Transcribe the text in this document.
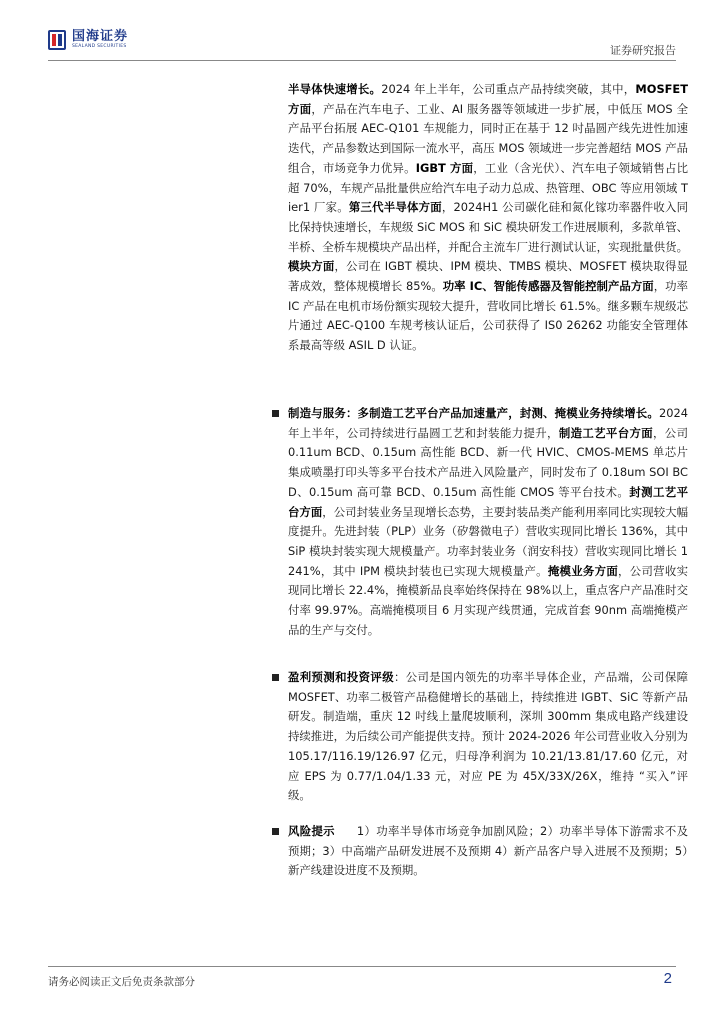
国海证券
SEALAND SECURITIES	证券研究报告

半导体快速增长。2024 年上半年，公司重点产品持续突破，其中，MOSFET 方面，产品在汽车电子、工业、AI 服务器等领域进一步扩展，中低压 MOS 全产品平台拓展 AEC-Q101 车规能力，同时正在基于 12 吋晶圆产线先进性加速迭代，产品参数达到国际一流水平，高压 MOS 领域进一步完善超结 MOS 产品组合，市场竞争力优异。IGBT 方面，工业（含光伏）、汽车电子领域销售占比超 70%，车规产品批量供应给汽车电子动力总成、热管理、OBC 等应用领域 Tier1 厂家。第三代半导体方面，2024H1 公司碳化硅和氮化镓功率器件收入同比保持快速增长，车规级 SiC MOS 和 SiC 模块研发工作进展顺利，多款单管、半桥、全桥车规模块产品出样，并配合主流车厂进行测试认证，实现批量供货。模块方面，公司在 IGBT 模块、IPM 模块、TMBS 模块、MOSFET 模块取得显著成效，整体规模增长 85%。功率 IC、智能传感器及智能控制产品方面，功率 IC 产品在电机市场份额实现较大提升，营收同比增长 61.5%。继多颗车规级芯片通过 AEC-Q100 车规考核认证后，公司获得了 IS0 26262 功能安全管理体系最高等级 ASIL D 认证。

制造与服务：多制造工艺平台产品加速量产，封测、掩模业务持续增长。2024 年上半年，公司持续进行晶圆工艺和封装能力提升，制造工艺平台方面，公司 0.11um BCD、0.15um 高性能 BCD、新一代 HVIC、CMOS-MEMS 单芯片集成喷墨打印头等多平台技术产品进入风险量产，同时发布了 0.18um SOI BCD、0.15um 高可靠 BCD、0.15um 高性能 CMOS 等平台技术。封测工艺平台方面，公司封装业务呈现增长态势，主要封装品类产能利用率同比实现较大幅度提升。先进封装（PLP）业务（矽磐微电子）营收实现同比增长 136%，其中 SiP 模块封装实现大规模量产。功率封装业务（润安科技）营收实现同比增长 1241%，其中 IPM 模块封装也已实现大规模量产。掩模业务方面，公司营收实现同比增长 22.4%，掩模新品良率始终保持在 98%以上，重点客户产品准时交付率 99.97%。高端掩模项目 6 月实现产线贯通，完成首套 90nm 高端掩模产品的生产与交付。

盈利预测和投资评级：公司是国内领先的功率半导体企业，产品端，公司保障 MOSFET、功率二极管产品稳健增长的基础上，持续推进 IGBT、SiC 等新产品研发。制造端，重庆 12 吋线上量爬坡顺利，深圳 300mm 集成电路产线建设持续推进，为后续公司产能提供支持。预计 2024-2026 年公司营业收入分别为 105.17/116.19/126.97 亿元，归母净利润为 10.21/13.81/17.60 亿元，对应 EPS 为 0.77/1.04/1.33 元，对应 PE 为 45X/33X/26X，维持 “买入”评级。

风险提示 1）功率半导体市场竞争加剧风险；2）功率半导体下游需求不及预期；3）中高端产品研发进展不及预期 4）新产品客户导入进展不及预期；5）新产线建设进度不及预期。

请务必阅读正文后免责条款部分	2
